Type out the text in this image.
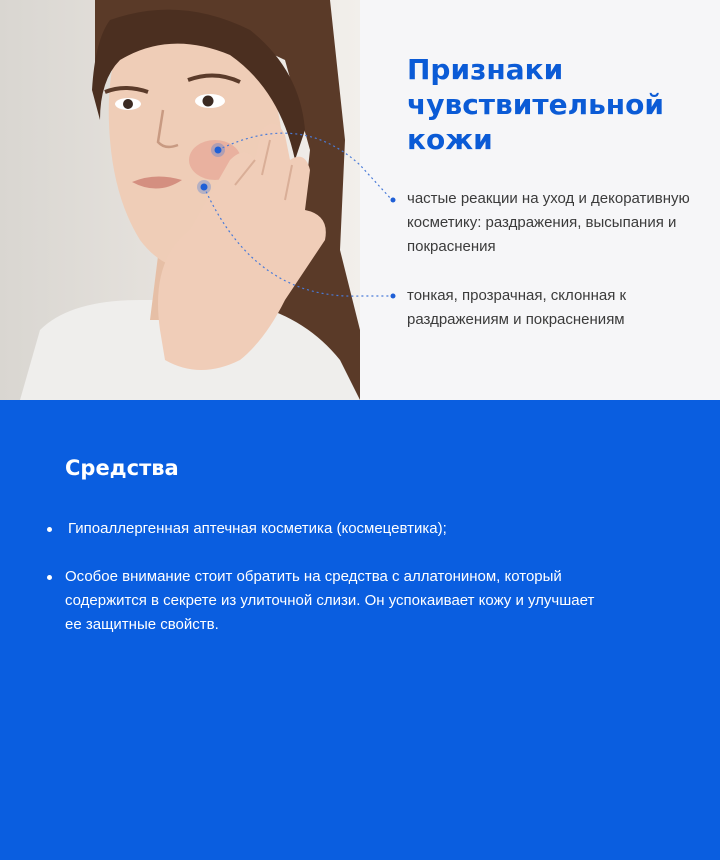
Признаки чувствительной кожи
частые реакции на уход и декоративную косметику: раздражения, высыпания и покраснения
тонкая, прозрачная, склонная к раздражениям и покраснениям
Средства
Гипоаллергенная аптечная косметика (космецевтика);
Особое внимание стоит обратить на средства с аллатонином, который содержится в секрете из улиточной слизи. Он успокаивает кожу и улучшает ее защитные свойств.
